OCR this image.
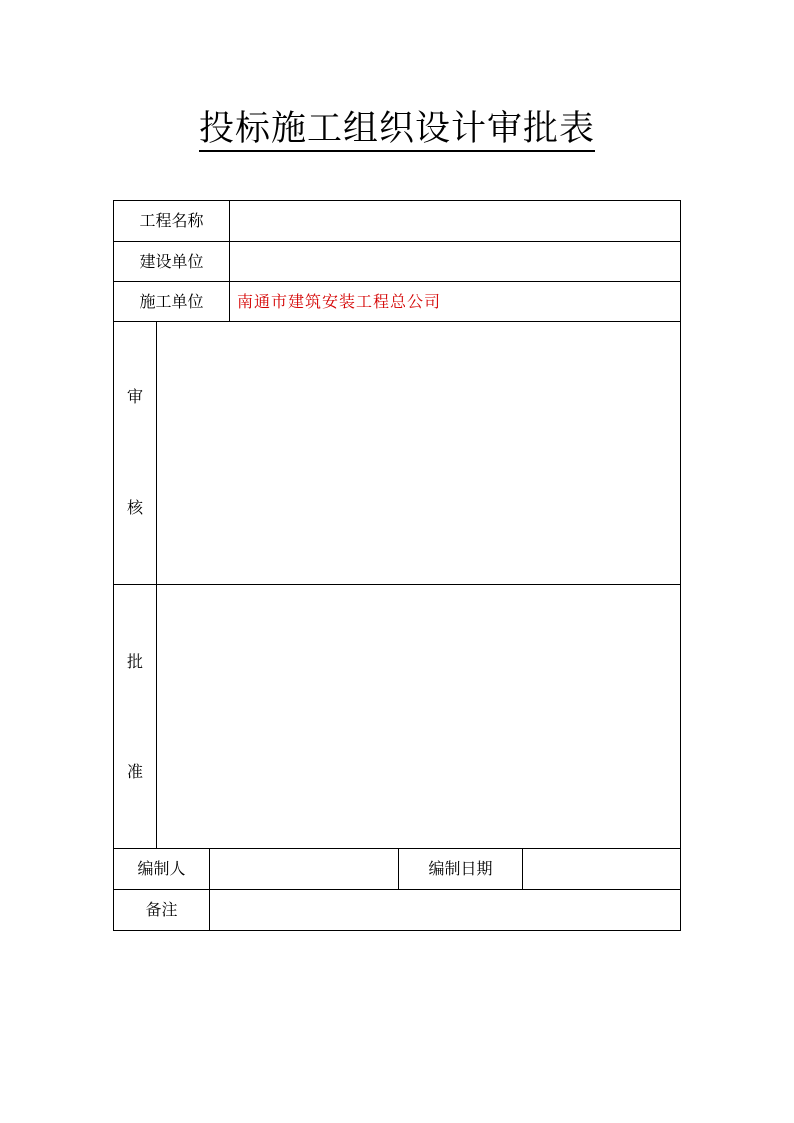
投标施工组织设计审批表
工程名称
建设单位
施工单位 南通市建筑安装工程总公司
审
核
批
准
编制人	编制日期
备注
